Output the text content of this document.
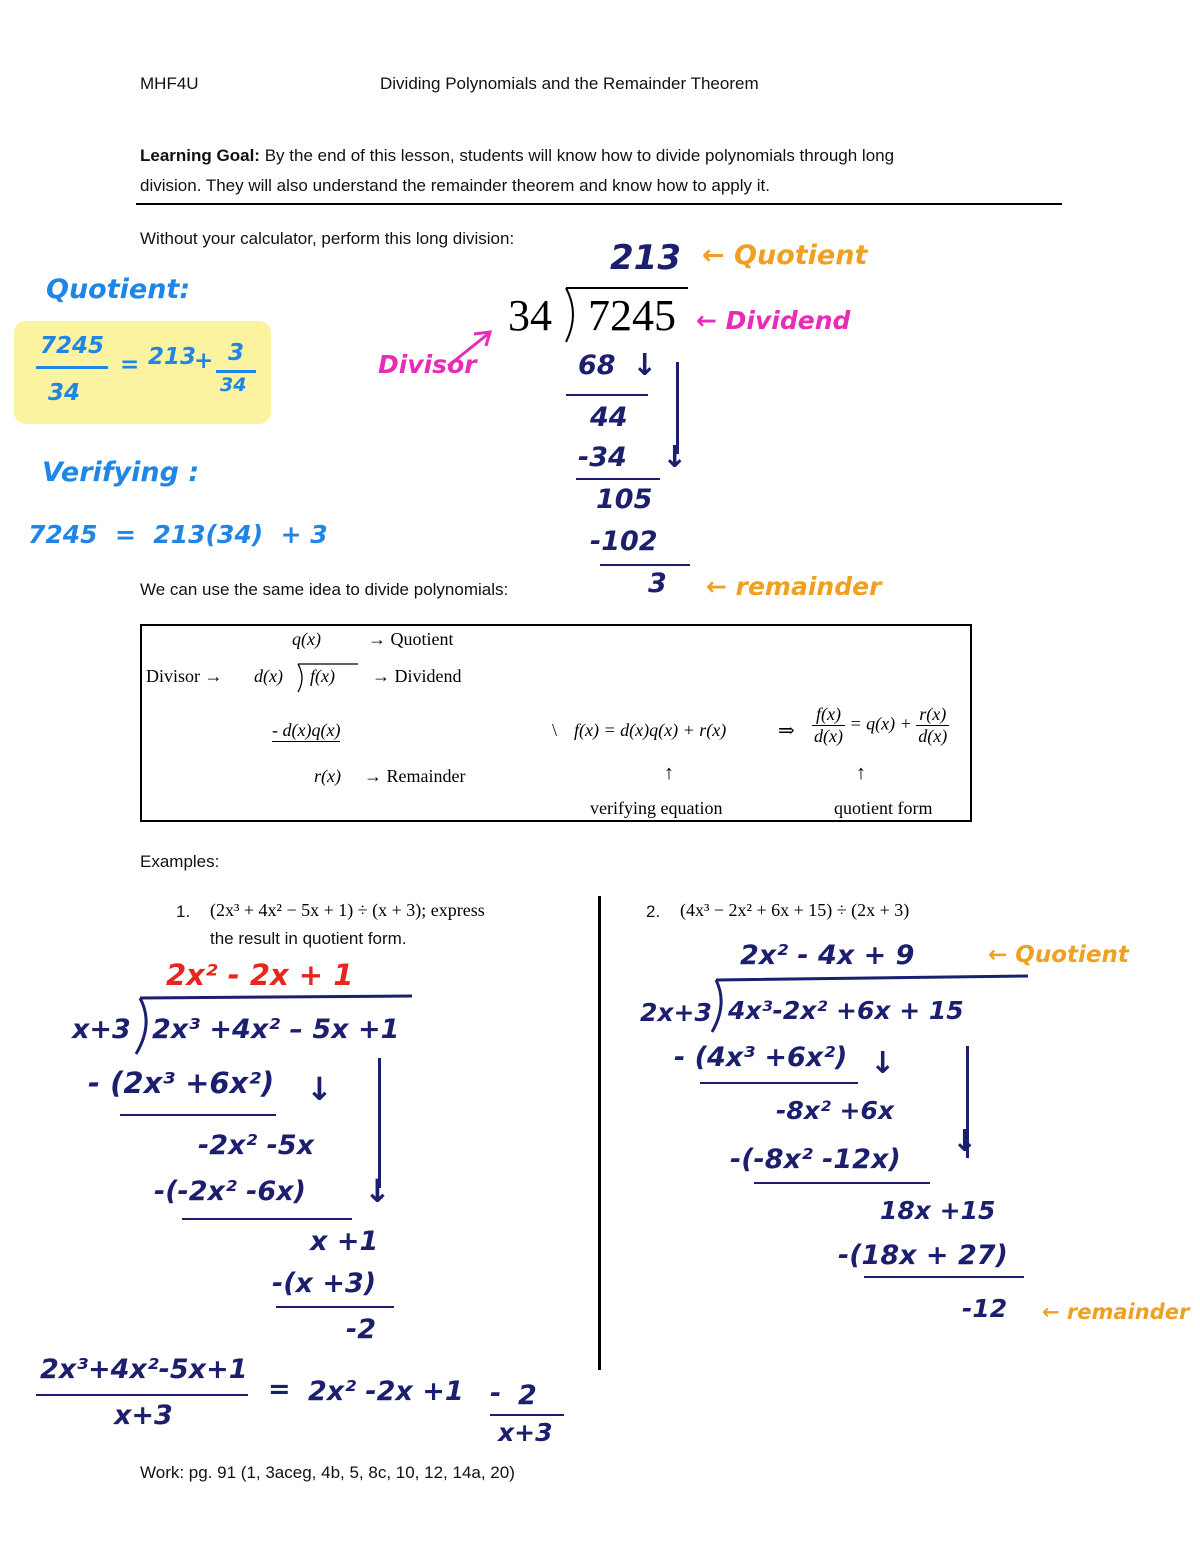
MHF4U	Dividing Polynomials and the Remainder Theorem
Learning Goal: By the end of this lesson, students will know how to divide polynomials through long
division. They will also understand the remainder theorem and know how to apply it.
Without your calculator, perform this long division:
Quotient:
7245
34
= 213
+ 3
34
Verifying :
7245  =  213(34)  + 3
213 ← Quotient
34 7245 ← Dividend
Divisor	68 ↓
44
-34 ↓
105
-102
3 ← remainder
We can use the same idea to divide polynomials:
q(x)	→ Quotient
Divisor → d(x) f(x) → Dividend
- d(x)q(x)
r(x) → Remainder
\ f(x) = d(x)q(x) + r(x)	⇒ $\frac{f(x)}{d(x)} = q(x) + \frac{r(x)}{d(x)}$
↑	↑
verifying equation	quotient form
Examples:
1. (2x³ + 4x² − 5x + 1) ÷ (x + 3); express
the result in quotient form.
2. (4x³ − 2x² + 6x + 15) ÷ (2x + 3)
2x² - 2x + 1
x+3 2x³ +4x² – 5x +1
- (2x³ +6x²) ↓
-2x² -5x
↓
-(-2x² -6x)
x +1
-(x +3)
-2
2x³+4x²-5x+1
x+3
= 2x² -2x +1 - 2
x+3
2x² - 4x + 9	← Quotient
2x+3 4x³-2x² +6x + 15
- (4x³ +6x²) ↓
-8x² +6x
↓
-(-8x² -12x)
18x +15
-(18x + 27)
-12 ← remainder
Work: pg. 91 (1, 3aceg, 4b, 5, 8c, 10, 12, 14a, 20)
